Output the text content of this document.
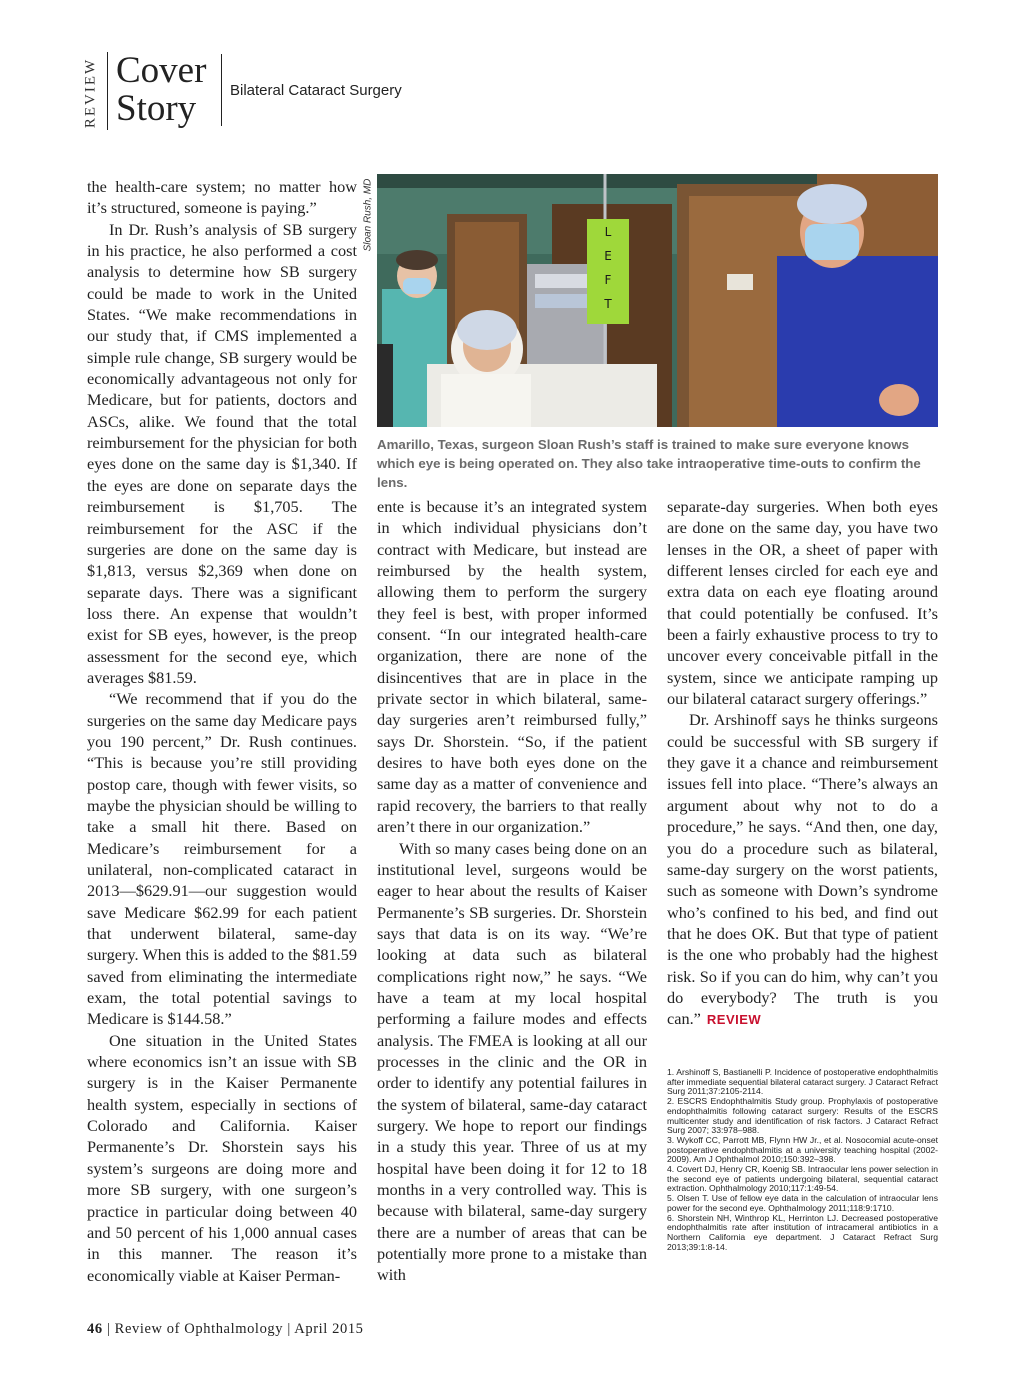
REVIEW Cover
Story	Bilateral Cataract Surgery
Sloan Rush, MD	L E F T
Amarillo, Texas, surgeon Sloan Rush’s staff is trained to make sure everyone knows which eye is being operated on. They also take intraoperative time-outs to confirm the lens.

the health-care system; no matter how it’s structured, someone is paying.”

In Dr. Rush’s analysis of SB surgery in his practice, he also performed a cost analysis to determine how SB surgery could be made to work in the United States. “We make recommendations in our study that, if CMS implemented a simple rule change, SB surgery would be economically advantageous not only for Medicare, but for patients, doctors and ASCs, alike. We found that the total reimbursement for the physician for both eyes done on the same day is $1,340. If the eyes are done on separate days the reimbursement is $1,705. The reimbursement for the ASC if the surgeries are done on the same day is $1,813, versus $2,369 when done on separate days. There was a significant loss there. An expense that wouldn’t exist for SB eyes, however, is the preop assessment for the second eye, which averages $81.59.

“We recommend that if you do the surgeries on the same day Medicare pays you 190 percent,” Dr. Rush continues. “This is because you’re still providing postop care, though with fewer visits, so maybe the physician should be willing to take a small hit there. Based on Medicare’s reimbursement for a unilateral, non-complicated cataract in 2013—$629.91—our suggestion would save Medicare $62.99 for each patient that underwent bilateral, same-day surgery. When this is added to the $81.59 saved from eliminating the intermediate exam, the total potential savings to Medicare is $144.58.”

One situation in the United States where economics isn’t an issue with SB surgery is in the Kaiser Permanente health system, especially in sections of Colorado and California. Kaiser Permanente’s Dr. Shorstein says his system’s surgeons are doing more and more SB surgery, with one surgeon’s practice in particular doing between 40 and 50 percent of his 1,000 annual cases in this manner. The reason it’s economically viable at Kaiser Perman-

ente is because it’s an integrated system in which individual physicians don’t contract with Medicare, but instead are reimbursed by the health system, allowing them to perform the surgery they feel is best, with proper informed consent. “In our integrated health-care organization, there are none of the disincentives that are in place in the private sector in which bilateral, same-day surgeries aren’t reimbursed fully,” says Dr. Shorstein. “So, if the patient desires to have both eyes done on the same day as a matter of convenience and rapid recovery, the barriers to that really aren’t there in our organization.”

With so many cases being done on an institutional level, surgeons would be eager to hear about the results of Kaiser Permanente’s SB surgeries. Dr. Shorstein says that data is on its way. “We’re looking at data such as bilateral complications right now,” he says. “We have a team at my local hospital performing a failure modes and effects analysis. The FMEA is looking at all our processes in the clinic and the OR in order to identify any potential failures in the system of bilateral, same-day cataract surgery. We hope to report our findings in a study this year. Three of us at my hospital have been doing it for 12 to 18 months in a very controlled way. This is because with bilateral, same-day surgery there are a number of areas that can be potentially more prone to a mistake than with

separate-day surgeries. When both eyes are done on the same day, you have two lenses in the OR, a sheet of paper with different lenses circled for each eye and extra data on each eye floating around that could potentially be confused. It’s been a fairly exhaustive process to try to uncover every conceivable pitfall in the system, since we anticipate ramping up our bilateral cataract surgery offerings.”

Dr. Arshinoff says he thinks surgeons could be successful with SB surgery if they gave it a chance and reimbursement issues fell into place. “There’s always an argument about why not to do a procedure,” he says. “And then, one day, you do a procedure such as bilateral, same-day surgery on the worst patients, such as someone with Down’s syndrome who’s confined to his bed, and find out that he does OK. But that type of patient is the one who probably had the highest risk. So if you can do him, why can’t you do everybody? The truth is you can.” REVIEW

1. Arshinoff S, Bastianelli P. Incidence of postoperative endophthalmitis after immediate sequential bilateral cataract surgery. J Cataract Refract Surg 2011;37:2105-2114.
2. ESCRS Endophthalmitis Study group. Prophylaxis of postoperative endophthalmitis following cataract surgery: Results of the ESCRS multicenter study and identification of risk factors. J Cataract Refract Surg 2007; 33:978–988.
3. Wykoff CC, Parrott MB, Flynn HW Jr., et al. Nosocomial acute-onset postoperative endophthalmitis at a university teaching hospital (2002-2009). Am J Ophthalmol 2010;150:392–398.
4. Covert DJ, Henry CR, Koenig SB. Intraocular lens power selection in the second eye of patients undergoing bilateral, sequential cataract extraction. Ophthalmology 2010;117:1:49-54.
5. Olsen T. Use of fellow eye data in the calculation of intraocular lens power for the second eye. Ophthalmology 2011;118:9:1710.
6. Shorstein NH, Winthrop KL, Herrinton LJ. Decreased postoperative endophthalmitis rate after institution of intracameral antibiotics in a Northern California eye department. J Cataract Refract Surg 2013;39:1:8-14.
46 | Review of Ophthalmology | April 2015
